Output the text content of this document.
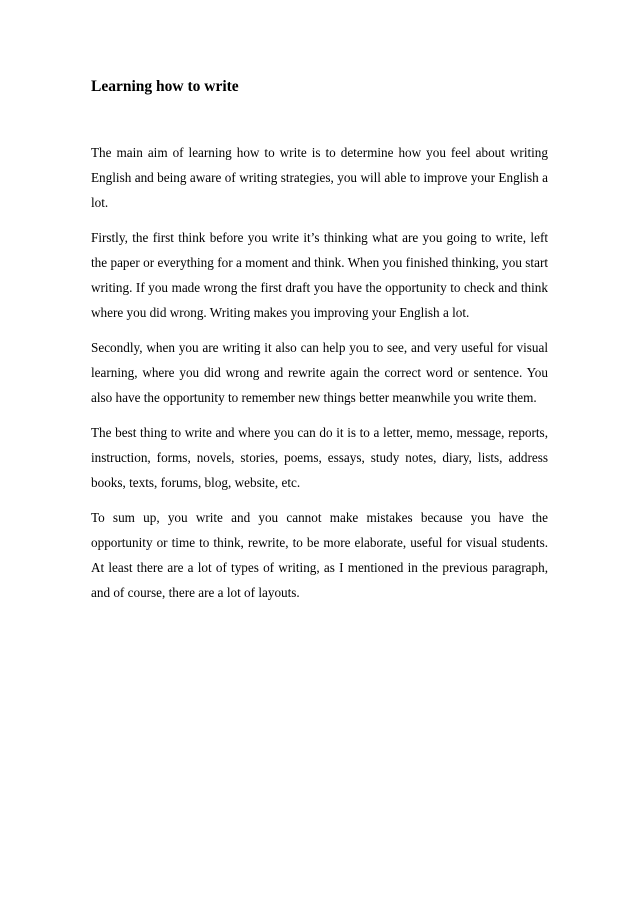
Learning how to write

The main aim of learning how to write is to determine how you feel about writing English and being aware of writing strategies, you will able to improve your English a lot.

Firstly, the first think before you write it’s thinking what are you going to write, left the paper or everything for a moment and think. When you finished thinking, you start writing. If you made wrong the first draft you have the opportunity to check and think where you did wrong. Writing makes you improving your English a lot.

Secondly, when you are writing it also can help you to see, and very useful for visual learning, where you did wrong and rewrite again the correct word or sentence. You also have the opportunity to remember new things better meanwhile you write them.

The best thing to write and where you can do it is to a letter, memo, message, reports, instruction, forms, novels, stories, poems, essays, study notes, diary, lists, address books, texts, forums, blog, website, etc.

To sum up, you write and you cannot make mistakes because you have the opportunity or time to think, rewrite, to be more elaborate, useful for visual students. At least there are a lot of types of writing, as I mentioned in the previous paragraph, and of course, there are a lot of layouts.
